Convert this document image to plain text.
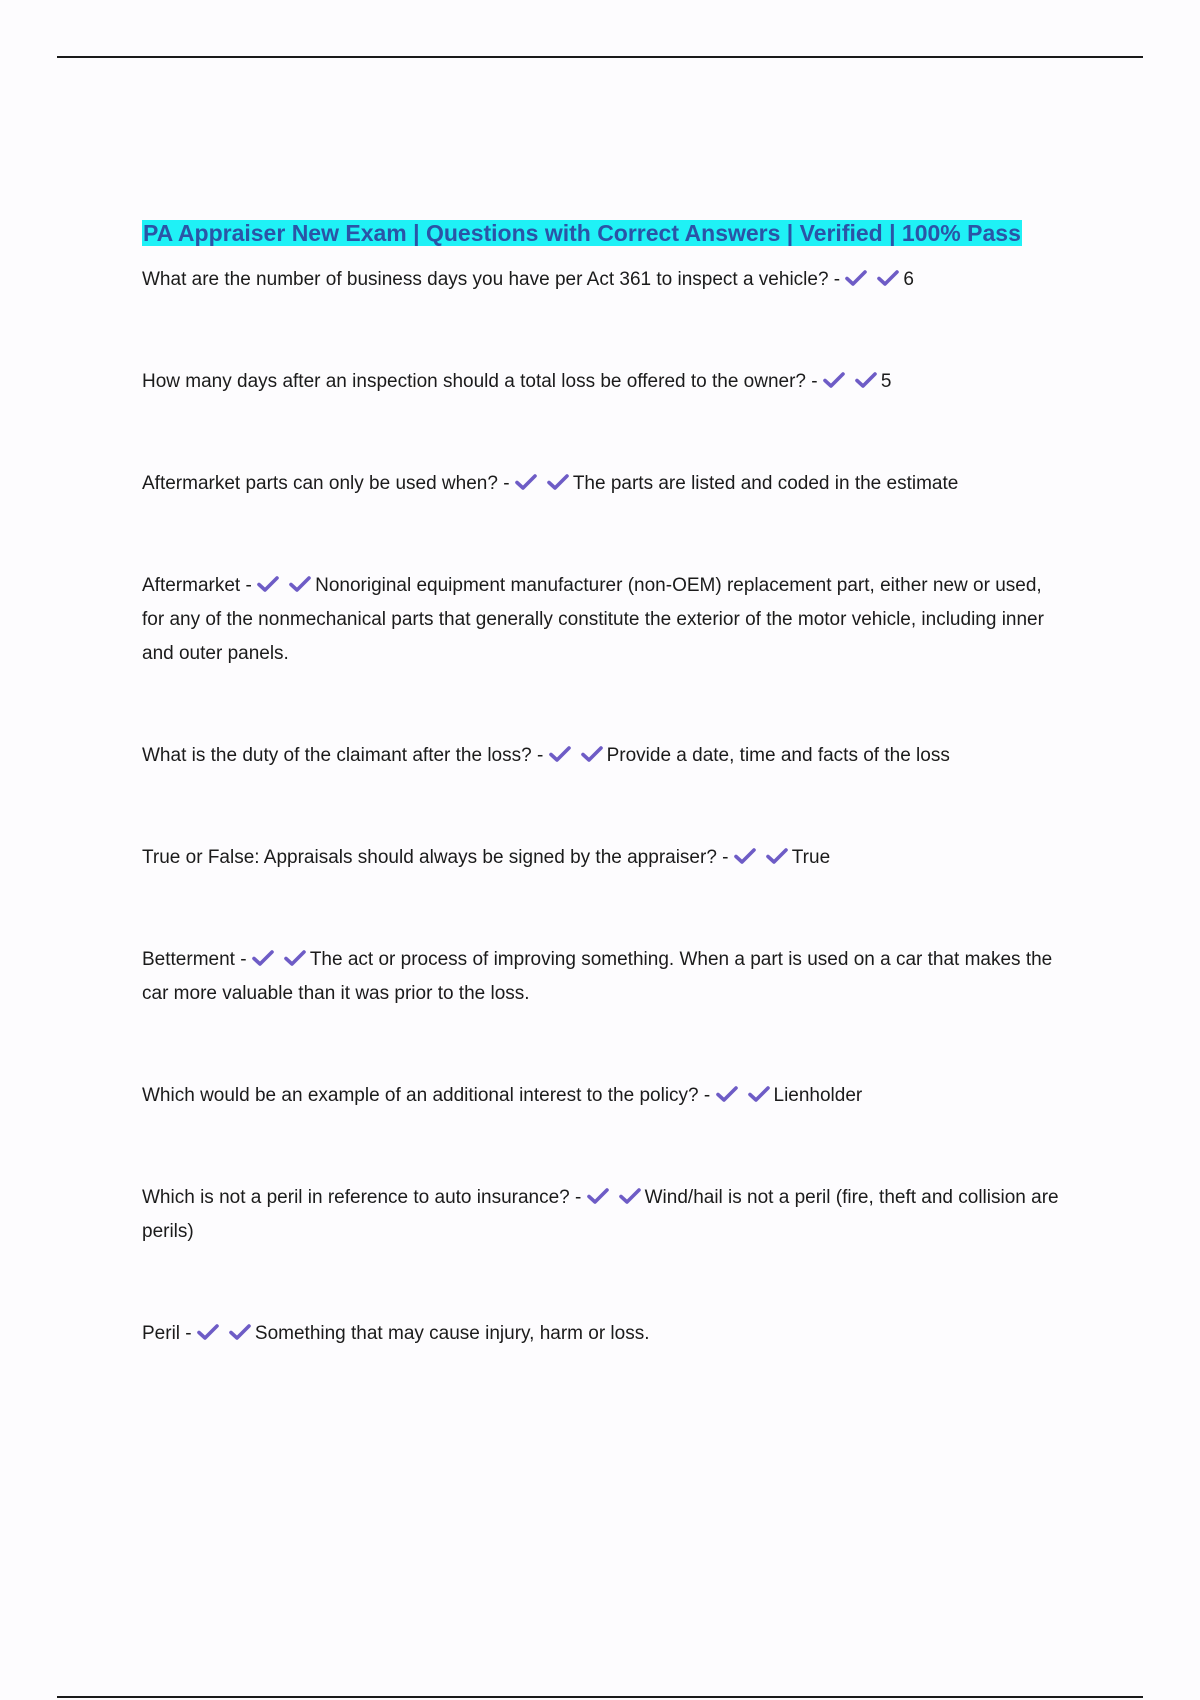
PA Appraiser New Exam | Questions with Correct Answers | Verified | 100% Pass

What are the number of business days you have per Act 361 to inspect a vehicle? -	6

How many days after an inspection should a total loss be offered to the owner? -	5

Aftermarket parts can only be used when? -	The parts are listed and coded in the estimate

Aftermarket -	Nonoriginal equipment manufacturer (non-OEM) replacement part, either new or used, for any of the nonmechanical parts that generally constitute the exterior of the motor vehicle, including inner and outer panels.

What is the duty of the claimant after the loss? -	Provide a date, time and facts of the loss

True or False: Appraisals should always be signed by the appraiser? -	True

Betterment -	The act or process of improving something. When a part is used on a car that makes the car more valuable than it was prior to the loss.

Which would be an example of an additional interest to the policy? -	Lienholder

Which is not a peril in reference to auto insurance? -	Wind/hail is not a peril (fire, theft and collision are perils)

Peril -	Something that may cause injury, harm or loss.
